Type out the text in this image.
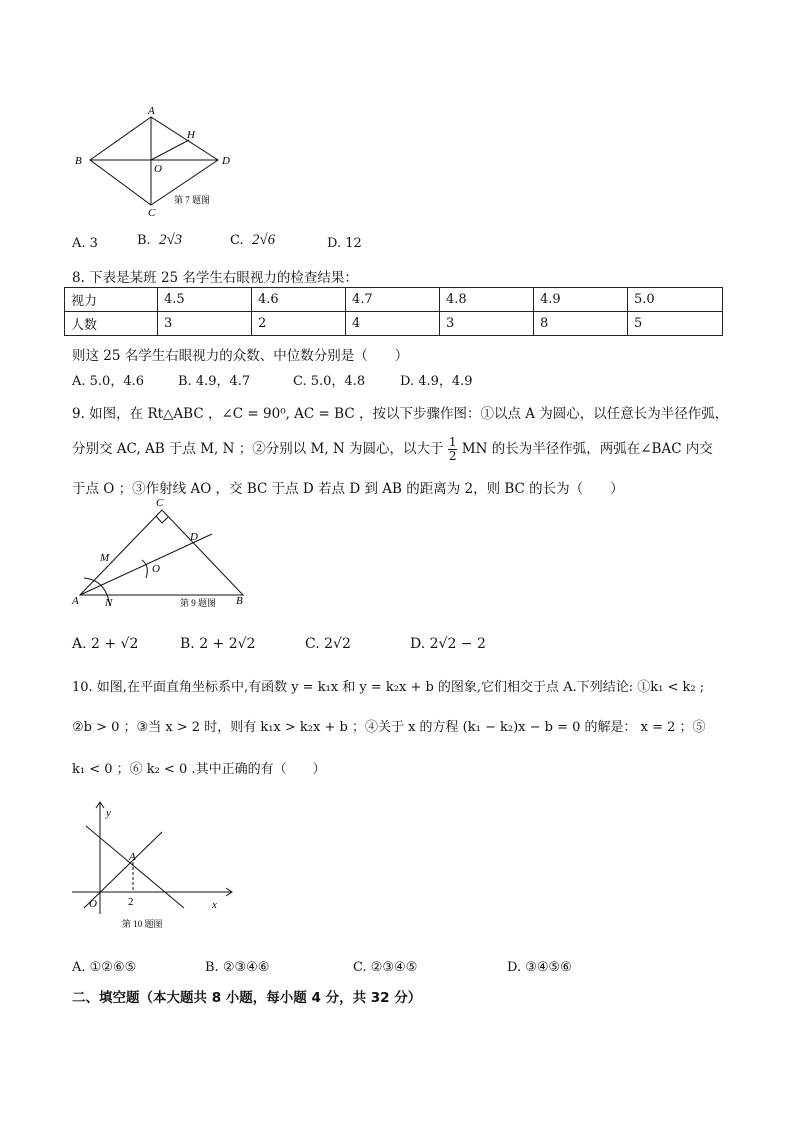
A
B
C
D
H
O
第 7 题图
A. 3	B. 2√3	C. 2√6	D. 12
8. 下表是某班 25 名学生右眼视力的检查结果：
视力	4.5	4.6	4.7	4.8	4.9	5.0
人数	3	2	4	3	8	5
则这 25 名学生右眼视力的众数、中位数分别是（　　）
A. 5.0，4.6	B. 4.9，4.7	C. 5.0，4.8	D. 4.9，4.9
9. 如图，在 Rt△ABC ，∠C = 90⁰, AC = BC ，按以下步骤作图：①以点 A 为圆心，以任意长为半径作弧，
分别交 AC, AB 于点 M, N ；②分别以 M, N 为圆心，以大于 $\frac{1}{2}$ MN 的长为半径作弧，两弧在∠BAC 内交
于点 O ；③作射线 AO ，交 BC 于点 D 若点 D 到 AB 的距离为 2，则 BC 的长为（　　）
C
D
M
O
A N	B
第 9 题图
A. 2 + √2	B. 2 + 2√2	C. 2√2	D. 2√2 − 2
10. 如图,在平面直角坐标系中,有函数 y = k₁x 和 y = k₂x + b 的图象,它们相交于点 A.下列结论: ①k₁ < k₂ ;
②b > 0 ；③当 x > 2 时，则有 k₁x > k₂x + b ；④关于 x 的方程 (k₁ − k₂)x − b = 0 的解是： x = 2 ；⑤
k₁ < 0 ；⑥ k₂ < 0 .其中正确的有（　　）
y
x
O
A
2
第 10 题图
A. ①②⑥⑤	B. ②③④⑥	C. ②③④⑤	D. ③④⑤⑥
二、填空题（本大题共 8 小题，每小题 4 分，共 32 分）
